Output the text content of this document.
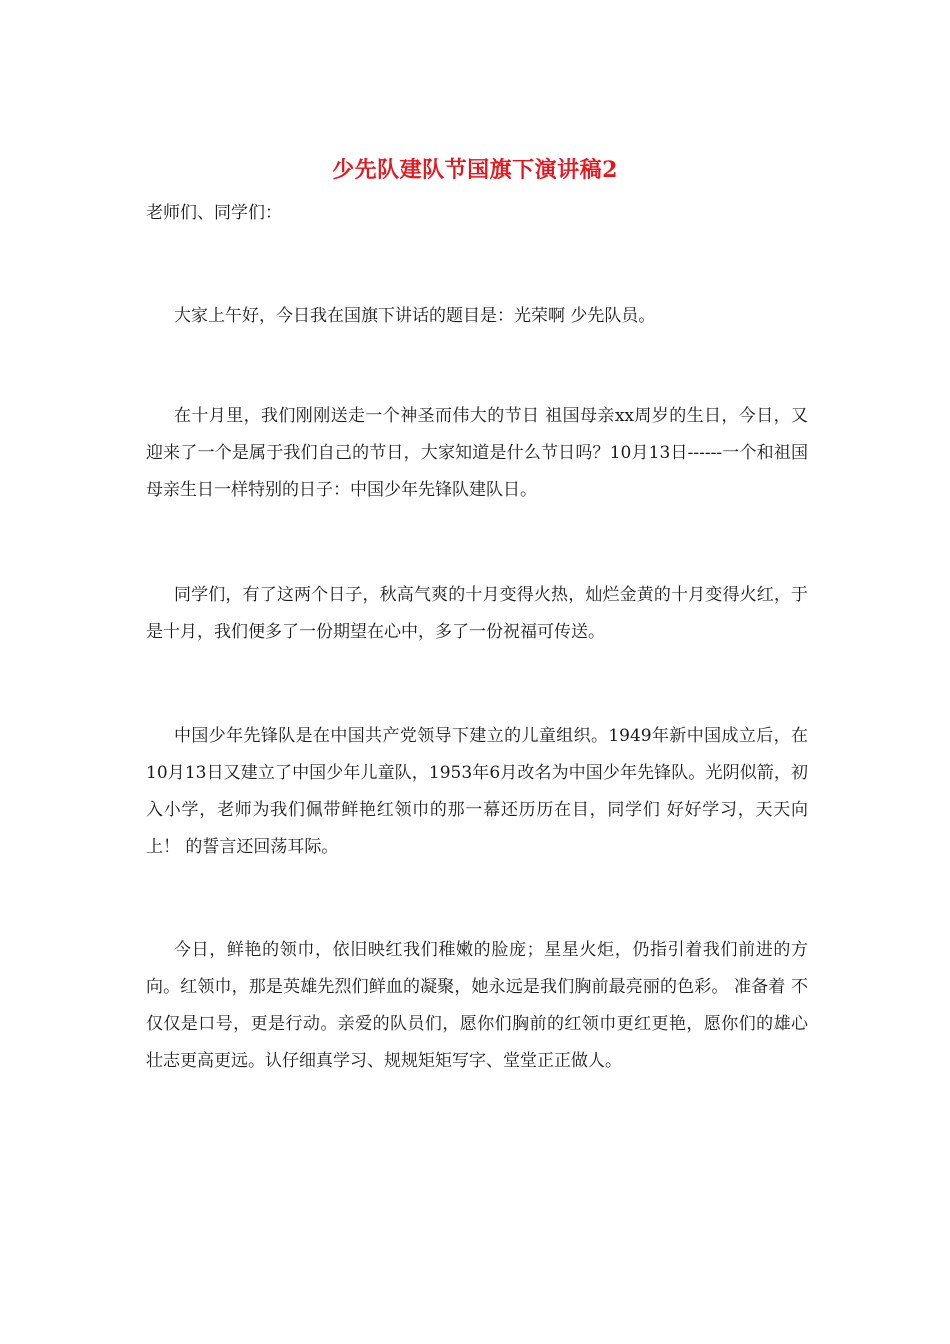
少先队建队节国旗下演讲稿2

老师们、同学们：

大家上午好，今日我在国旗下讲话的题目是：光荣啊 少先队员。

在十月里，我们刚刚送走一个神圣而伟大的节日 祖国母亲xx周岁的生日，今日，又迎来了一个是属于我们自己的节日，大家知道是什么节日吗？10月13日------一个和祖国母亲生日一样特别的日子：中国少年先锋队建队日。

同学们，有了这两个日子，秋高气爽的十月变得火热，灿烂金黄的十月变得火红，于是十月，我们便多了一份期望在心中，多了一份祝福可传送。

中国少年先锋队是在中国共产党领导下建立的儿童组织。1949年新中国成立后，在10月13日又建立了中国少年儿童队，1953年6月改名为中国少年先锋队。光阴似箭，初入小学，老师为我们佩带鲜艳红领巾的那一幕还历历在目，同学们 好好学习，天天向上！ 的誓言还回荡耳际。

今日，鲜艳的领巾，依旧映红我们稚嫩的脸庞；星星火炬，仍指引着我们前进的方向。红领巾，那是英雄先烈们鲜血的凝聚，她永远是我们胸前最亮丽的色彩。 准备着 不仅仅是口号，更是行动。亲爱的队员们，愿你们胸前的红领巾更红更艳，愿你们的雄心壮志更高更远。认仔细真学习、规规矩矩写字、堂堂正正做人。
